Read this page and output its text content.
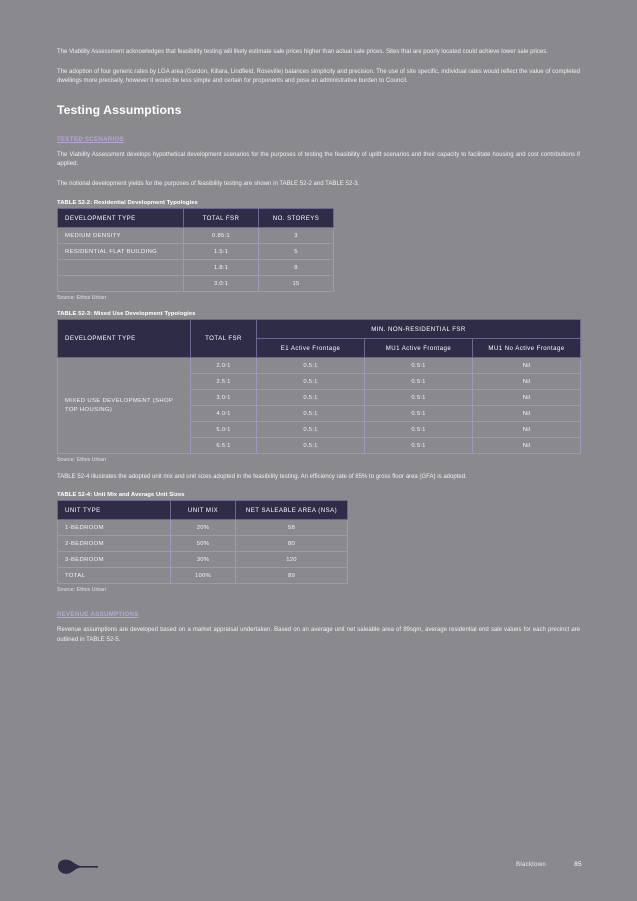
The Viability Assessment acknowledges that feasibility testing will likely estimate sale prices higher than actual sale prices. Sites that are poorly located could achieve lower sale prices.

The adoption of four generic rates by LGA area (Gordon, Killara, Lindfield, Roseville) balances simplicity and precision. The use of site specific, individual rates would reflect the value of completed dwellings more precisely, however it would be less simple and certain for proponents and pose an administrative burden to Council.

Testing Assumptions
TESTED SCENARIOS

The Viability Assessment develops hypothetical development scenarios for the purposes of testing the feasibility of uplift scenarios and their capacity to facilitate housing and cost contributions if applied.

The notional development yields for the purposes of feasibility testing are shown in TABLE 52-2 and TABLE 52-3.

TABLE 52-2: Residential Development Typologies
DEVELOPMENT TYPE	TOTAL FSR	NO. STOREYS
MEDIUM DENSITY	0.85:1	3
RESIDENTIAL FLAT BUILDING	1.5:1	5
	1.8:1	8
	3.0:1	15
Source: Ethos Urban
TABLE 52-3: Mixed Use Development Typologies
DEVELOPMENT TYPE	TOTAL FSR	MIN. NON-RESIDENTIAL FSR		
		E1 Active Frontage	MU1 Active Frontage	MU1 No Active Frontage
MIXED USE DEVELOPMENT (SHOP TOP HOUSING)	2.0:1	0.5:1	0.5:1	Nil
	2.5:1	0.5:1	0.5:1	Nil
	3.0:1	0.5:1	0.5:1	Nil
	4.0:1	0.5:1	0.5:1	Nil
	5.0:1	0.5:1	0.5:1	Nil
	6.5:1	0.5:1	0.5:1	Nil
Source: Ethos Urban

TABLE 52-4 illustrates the adopted unit mix and unit sizes adopted in the feasibility testing. An efficiency rate of 85% to gross floor area (GFA) is adopted.

TABLE 52-4: Unit Mix and Average Unit Sizes
UNIT TYPE	UNIT MIX	NET SALEABLE AREA (NSA)
1-BEDROOM	20%	58
2-BEDROOM	50%	80
3-BEDROOM	30%	120
TOTAL	100%	89
Source: Ethos Urban
REVENUE ASSUMPTIONS

Revenue assumptions are developed based on a market appraisal undertaken. Based on an average unit net saleable area of 89sqm, average residential end sale values for each precinct are outlined in TABLE 52-5.

Blacktown	85
